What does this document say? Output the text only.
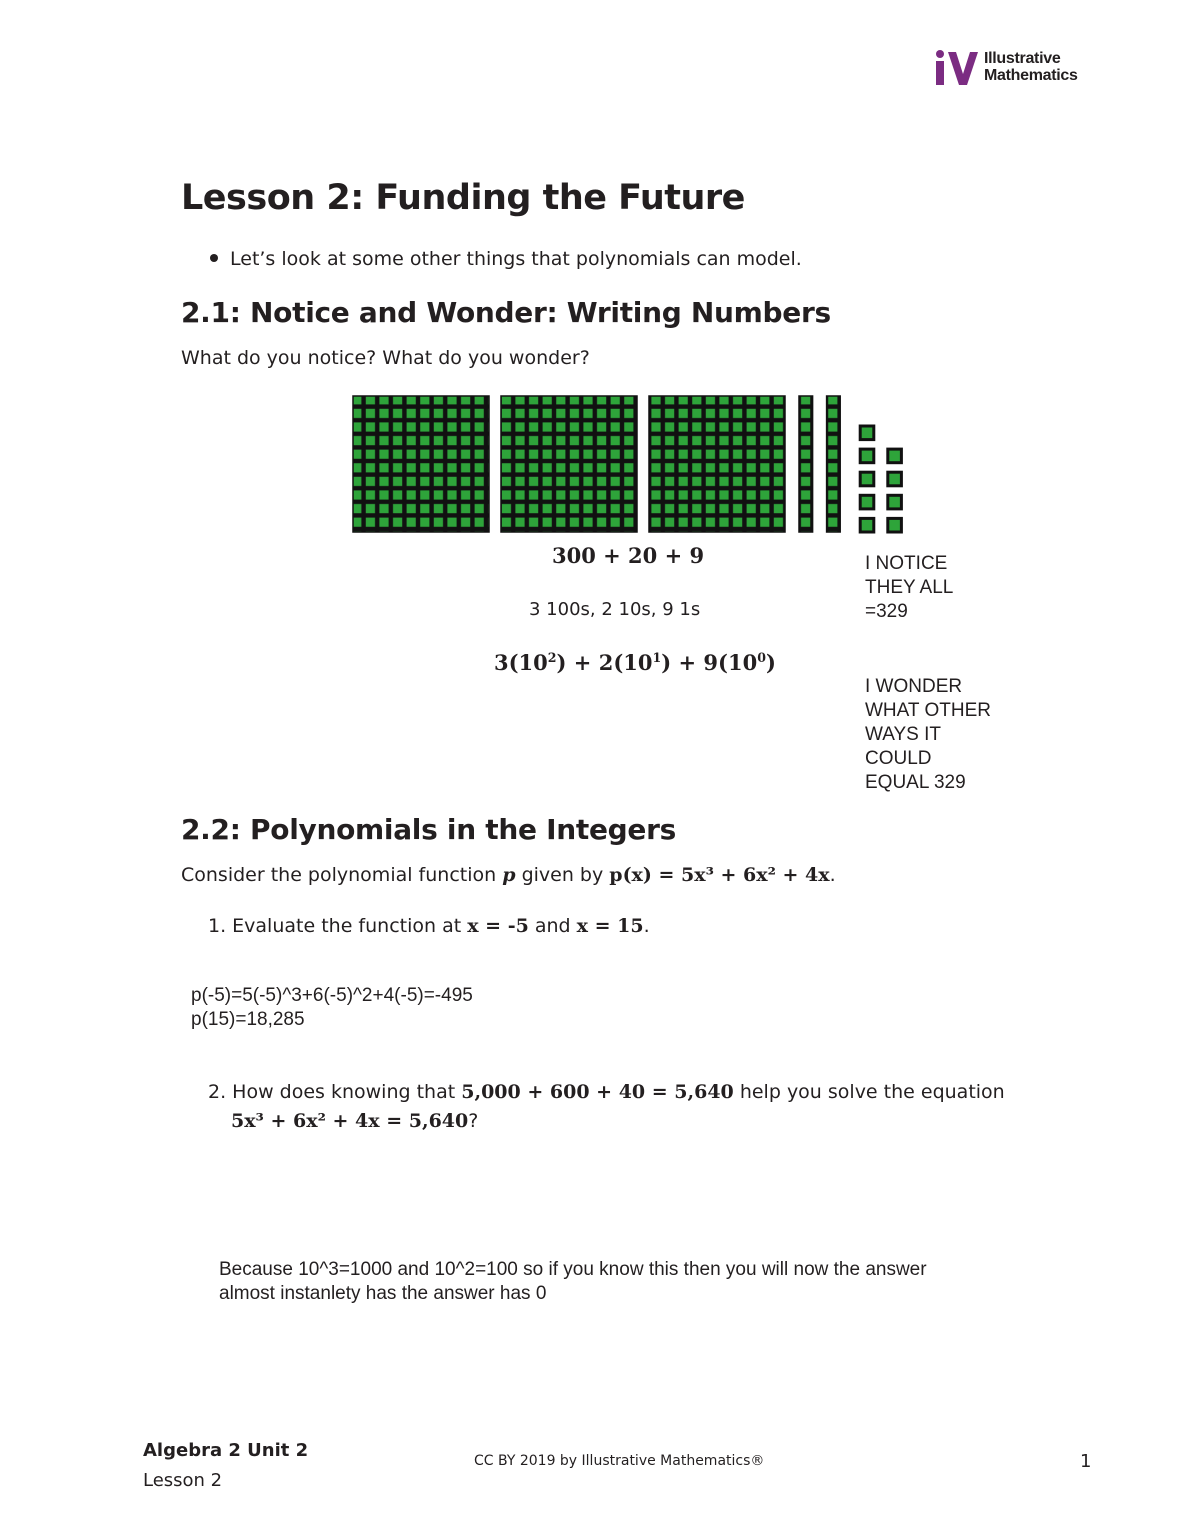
Illustrative
Mathematics
Lesson 2: Funding the Future
Let’s look at some other things that polynomials can model.
2.1: Notice and Wonder: Writing Numbers
What do you notice? What do you wonder?
300 + 20 + 9
3 100s, 2 10s, 9 1s
$3(10^2) + 2(10^1) + 9(10^0)$
I NOTICE
THEY ALL
=329
I WONDER
WHAT OTHER
WAYS IT
COULD
EQUAL 329
2.2: Polynomials in the Integers
Consider the polynomial function p given by p(x) = 5x³ + 6x² + 4x.
1. Evaluate the function at x = -5 and x = 15.
p(-5)=5(-5)^3+6(-5)^2+4(-5)=-495
p(15)=18,285
2. How does knowing that 5,000 + 600 + 40 = 5,640 help you solve the equation
5x³ + 6x² + 4x = 5,640?
Because 10^3=1000 and 10^2=100 so if you know this then you will now the answer
almost instanlety has the answer has 0
Algebra 2 Unit 2
Lesson 2
CC BY 2019 by Illustrative Mathematics®	1
